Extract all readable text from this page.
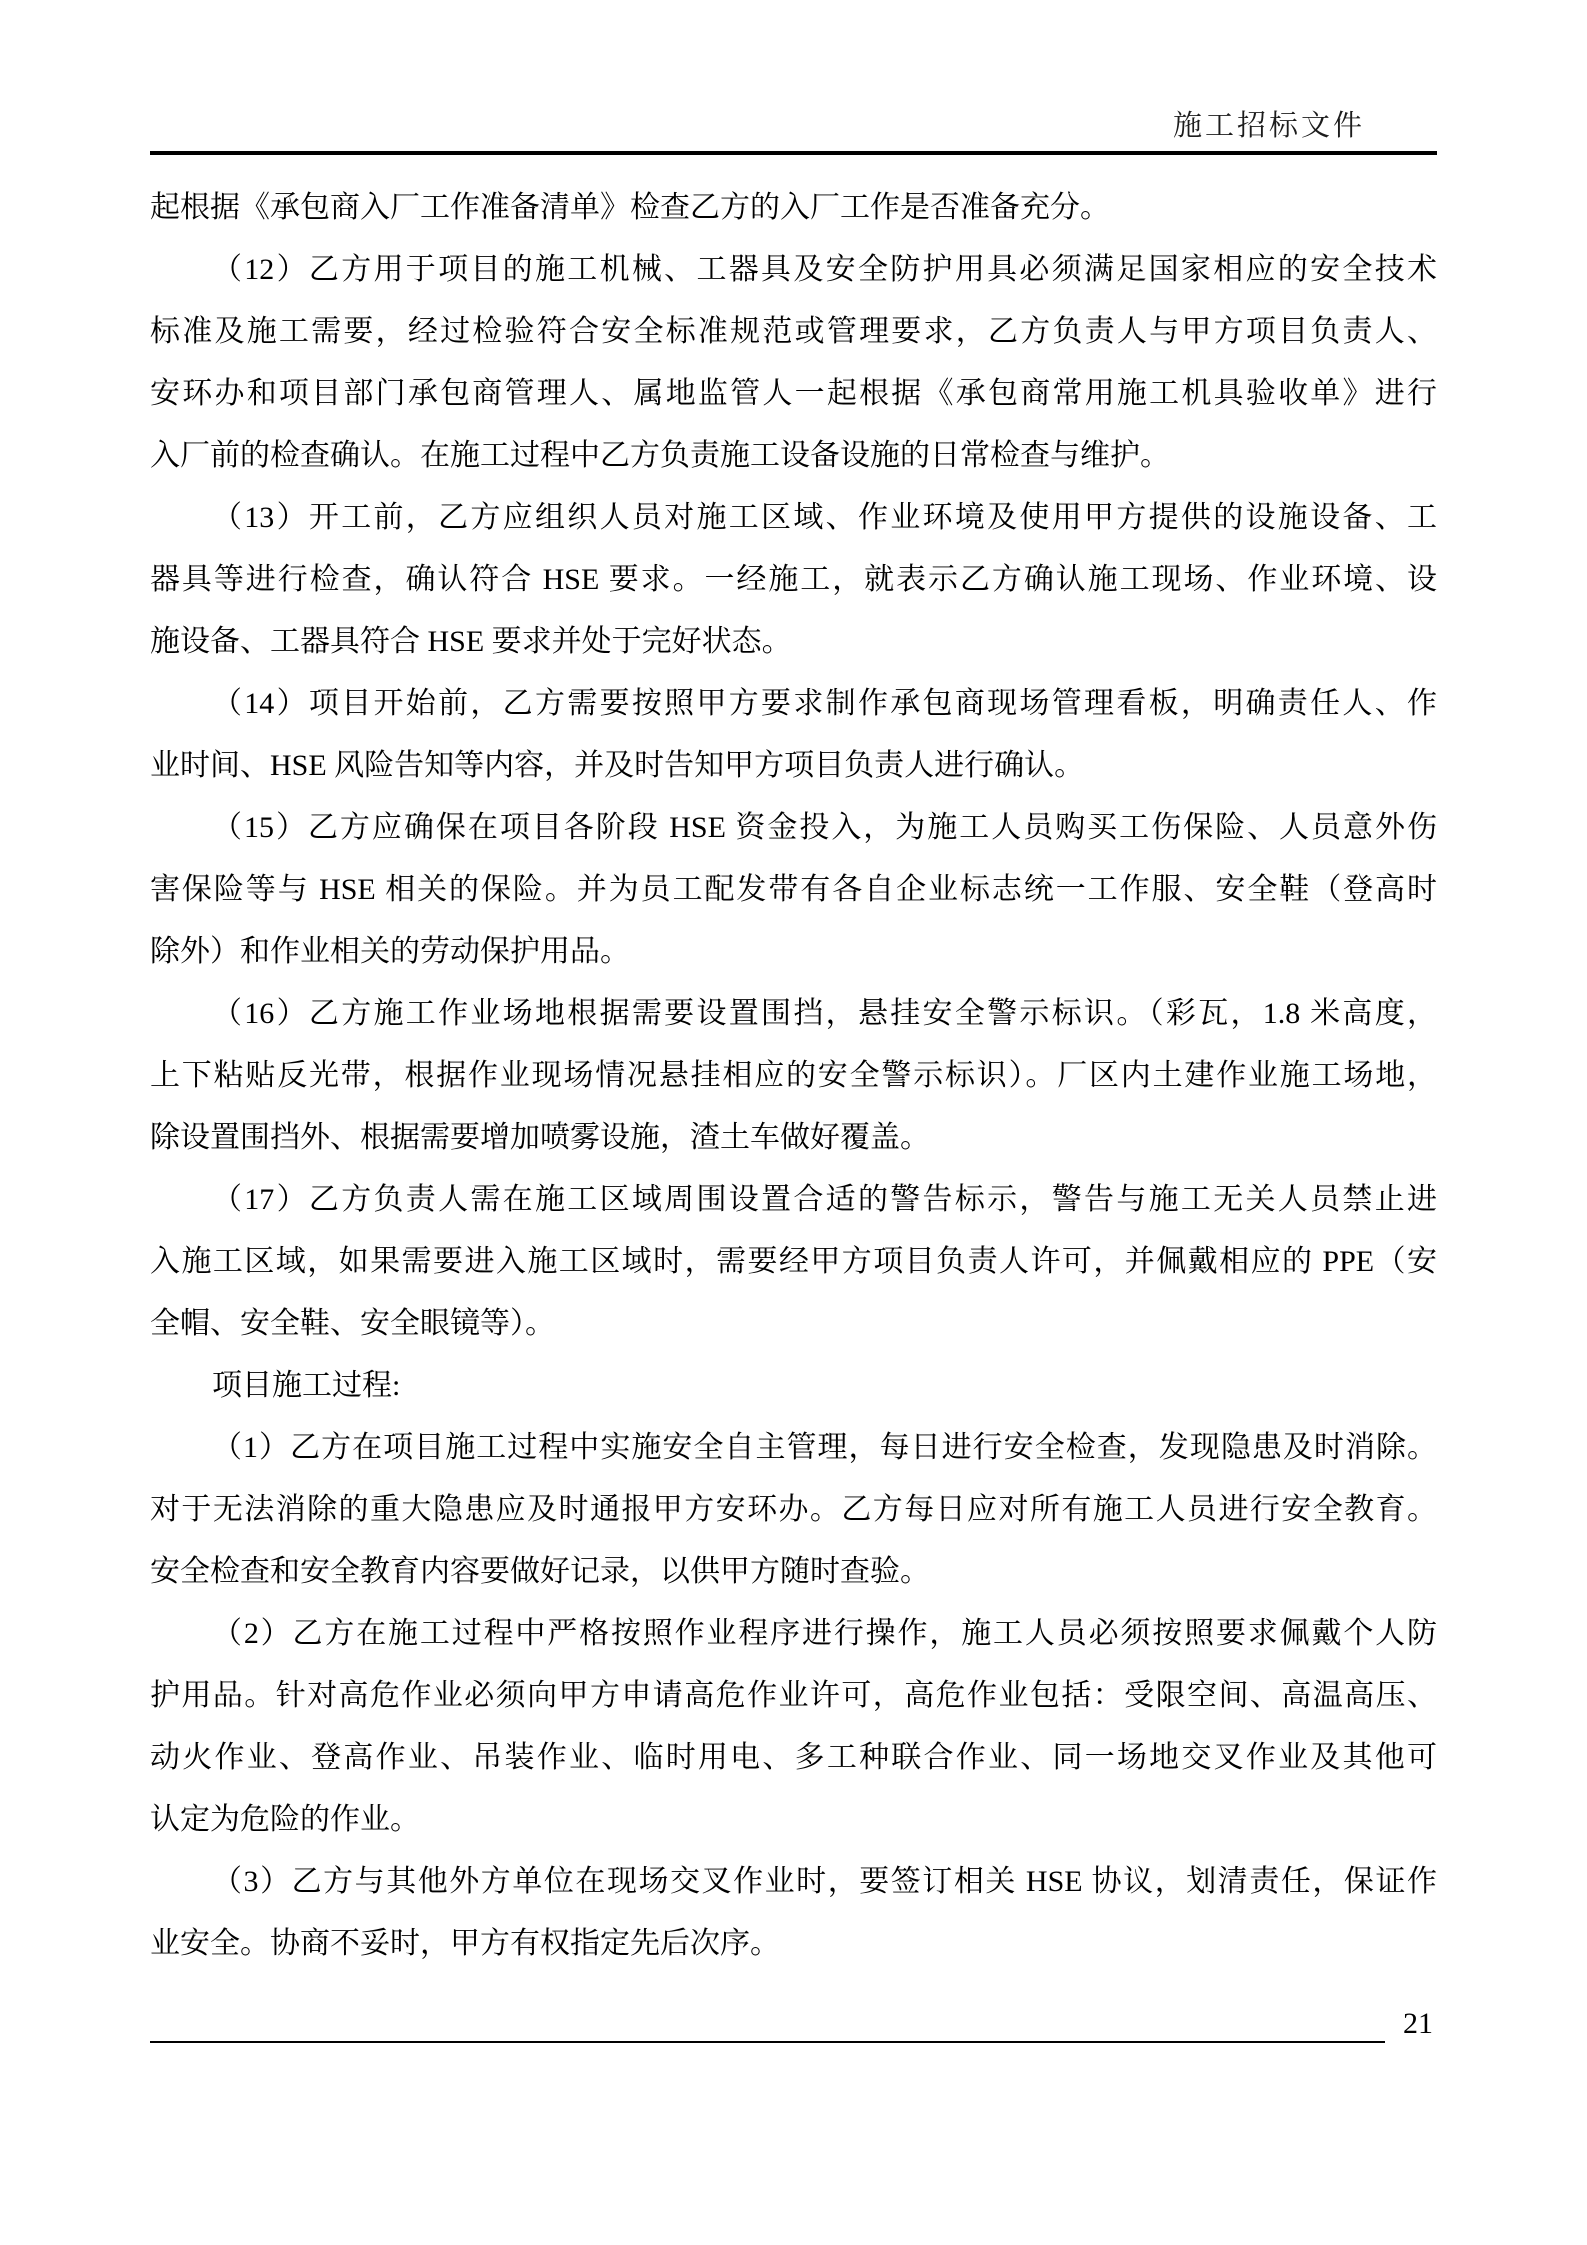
施工招标文件
起根据《承包商入厂工作准备清单》检查乙方的入厂工作是否准备充分。
（12）乙方用于项目的施工机械、工器具及安全防护用具必须满足国家相应的安全技术
标准及施工需要，经过检验符合安全标准规范或管理要求，乙方负责人与甲方项目负责人、
安环办和项目部门承包商管理人、属地监管人一起根据《承包商常用施工机具验收单》进行
入厂前的检查确认。在施工过程中乙方负责施工设备设施的日常检查与维护。
（13）开工前，乙方应组织人员对施工区域、作业环境及使用甲方提供的设施设备、工
器具等进行检查，确认符合 HSE 要求。一经施工，就表示乙方确认施工现场、作业环境、设
施设备、工器具符合 HSE 要求并处于完好状态。
（14）项目开始前，乙方需要按照甲方要求制作承包商现场管理看板，明确责任人、作
业时间、HSE 风险告知等内容，并及时告知甲方项目负责人进行确认。
（15）乙方应确保在项目各阶段 HSE 资金投入，为施工人员购买工伤保险、人员意外伤
害保险等与 HSE 相关的保险。并为员工配发带有各自企业标志统一工作服、安全鞋（登高时
除外）和作业相关的劳动保护用品。
（16）乙方施工作业场地根据需要设置围挡，悬挂安全警示标识。（彩瓦，1.8 米高度，
上下粘贴反光带，根据作业现场情况悬挂相应的安全警示标识）。厂区内土建作业施工场地，
除设置围挡外、根据需要增加喷雾设施，渣土车做好覆盖。
（17）乙方负责人需在施工区域周围设置合适的警告标示，警告与施工无关人员禁止进
入施工区域，如果需要进入施工区域时，需要经甲方项目负责人许可，并佩戴相应的 PPE（安
全帽、安全鞋、安全眼镜等）。
项目施工过程:
（1）乙方在项目施工过程中实施安全自主管理，每日进行安全检查，发现隐患及时消除。
对于无法消除的重大隐患应及时通报甲方安环办。乙方每日应对所有施工人员进行安全教育。
安全检查和安全教育内容要做好记录，以供甲方随时查验。
（2）乙方在施工过程中严格按照作业程序进行操作，施工人员必须按照要求佩戴个人防
护用品。针对高危作业必须向甲方申请高危作业许可，高危作业包括：受限空间、高温高压、
动火作业、登高作业、吊装作业、临时用电、多工种联合作业、同一场地交叉作业及其他可
认定为危险的作业。
（3）乙方与其他外方单位在现场交叉作业时，要签订相关 HSE 协议，划清责任，保证作
业安全。协商不妥时，甲方有权指定先后次序。
21
